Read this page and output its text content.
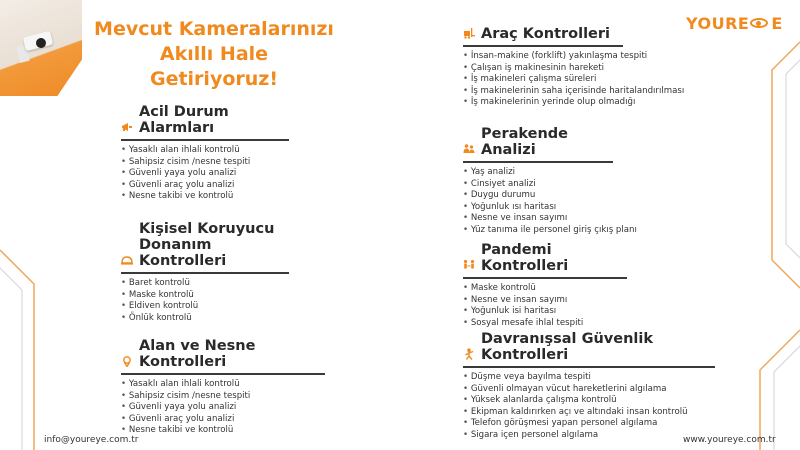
Mevcut Kameralarınızı
Akıllı Hale Getiriyoruz!
YOURE E
Acil Durum Alarmları
• Yasaklı alan ihlali kontrolü
• Sahipsiz cisim /nesne tespiti
• Güvenli yaya yolu analizi
• Güvenli araç yolu analizi
• Nesne takibi ve kontrolü
Kişisel Koruyucu
Donanım Kontrolleri
• Baret kontrolü
• Maske kontrolü
• Eldiven kontrolü
• Önlük kontrolü
Alan ve Nesne Kontrolleri
• Yasaklı alan ihlali kontrolü
• Sahipsiz cisim /nesne tespiti
• Güvenli yaya yolu analizi
• Güvenli araç yolu analizi
• Nesne takibi ve kontrolü
Araç Kontrolleri
• İnsan-makine (forklift) yakınlaşma tespiti
• Çalışan iş makinesinin hareketi
• İş makineleri çalışma süreleri
• İş makinelerinin saha içerisinde haritalandırılması
• İş makinelerinin yerinde olup olmadığı
Perakende Analizi
• Yaş analizi
• Cinsiyet analizi
• Duygu durumu
• Yoğunluk ısı haritası
• Nesne ve insan sayımı
• Yüz tanıma ile personel giriş çıkış planı
Pandemi Kontrolleri
• Maske kontrolü
• Nesne ve insan sayımı
• Yoğunluk isi haritası
• Sosyal mesafe ihlal tespiti
Davranışsal Güvenlik Kontrolleri
• Düşme veya bayılma tespiti
• Güvenli olmayan vücut hareketlerini algılama
• Yüksek alanlarda çalışma kontrolü
• Ekipman kaldırırken açı ve altındaki insan kontrolü
• Telefon görüşmesi yapan personel algılama
• Sigara içen personel algılama
info@youreye.com.tr	www.youreye.com.tr
